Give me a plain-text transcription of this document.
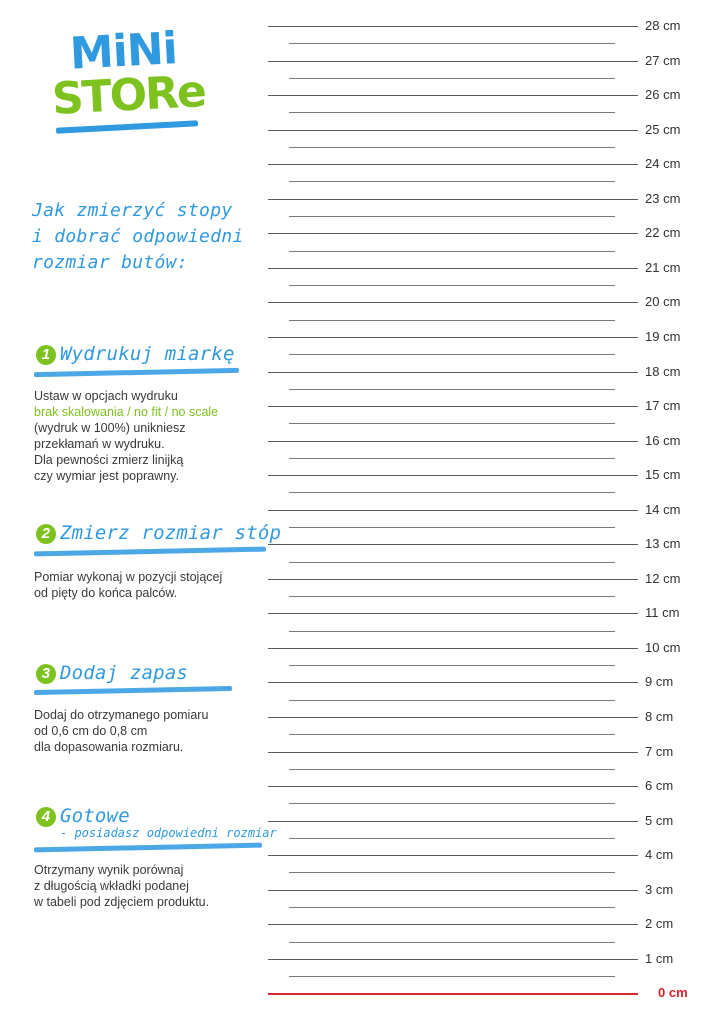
MiNi
STORe
Jak zmierzyć stopy
i dobrać odpowiedni
rozmiar butów:
1 Wydrukuj miarkę
Ustaw w opcjach wydruku
brak skalowania / no fit / no scale
(wydruk w 100%) unikniesz
przekłamań w wydruku.
Dla pewności zmierz linijką
czy wymiar jest poprawny.
2 Zmierz rozmiar stóp
Pomiar wykonaj w pozycji stojącej
od pięty do końca palców.
3 Dodaj zapas
Dodaj do otrzymanego pomiaru
od 0,6 cm do 0,8 cm
dla dopasowania rozmiaru.
4 Gotowe
- posiadasz odpowiedni rozmiar
Otrzymany wynik porównaj
z długością wkładki podanej
w tabeli pod zdjęciem produktu.
28 cm
27 cm
26 cm
25 cm
24 cm
23 cm
22 cm
21 cm
20 cm
19 cm
18 cm
17 cm
16 cm
15 cm
14 cm
13 cm
12 cm
11 cm
10 cm
9 cm
8 cm
7 cm
6 cm
5 cm
4 cm
3 cm
2 cm
1 cm
0 cm
